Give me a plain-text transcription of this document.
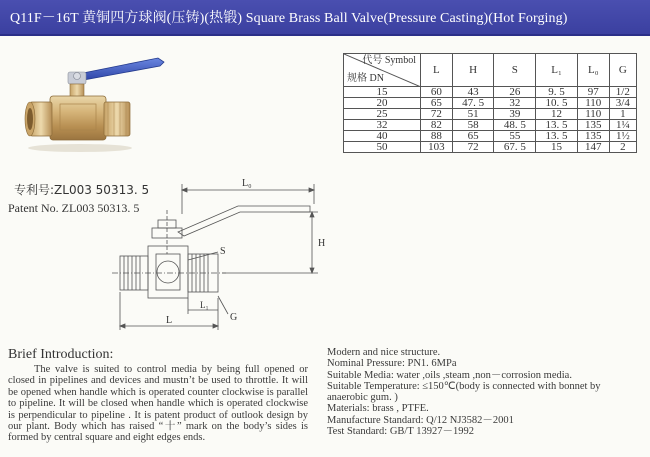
Q11F－16T 黄铜四方球阀(压铸)(热锻) Square Brass Ball Valve(Pressure Casting)(Hot Forging)
专利号:ZL003 50313. 5
Patent No. ZL003 50313. 5
代号 Symbol
规格 DN	L	H	S	L₁	L₀	G
15	60	43	26	9. 5	97	1/2
20	65	47. 5	32	10. 5	110	3/4
25	72	51	39	12	110	1
32	82	58	48. 5	13. 5	135	1¼
40	88	65	55	13. 5	135	1½
50	103	72	67. 5	15	147	2
L₀
H
S
L₁
G
L
Brief Introduction:
The valve is suited to control media by being full opened or closed in pipelines and devices and mustn’t be used to throttle. It will be opened when handle which is operated counter clockwise is parallel to pipeline. It will be closed when handle which is operated clockwise is perpendicular to pipeline . It is patent product of outlook design by our plant. Body which has raised “十” mark on the body’s sides is formed by central square and eight edges ends.
Modern and nice structure.
Nominal Pressure: PN1. 6MPa
Suitable Media: water ,oils ,steam ,non－corrosion media.
Suitable Temperature: ≤150℃(body is connected with bonnet by
anaerobic gum. )
Materials: brass , PTFE.
Manufacture Standard: Q/12 NJ3582－2001
Test Standard: GB/T 13927－1992
